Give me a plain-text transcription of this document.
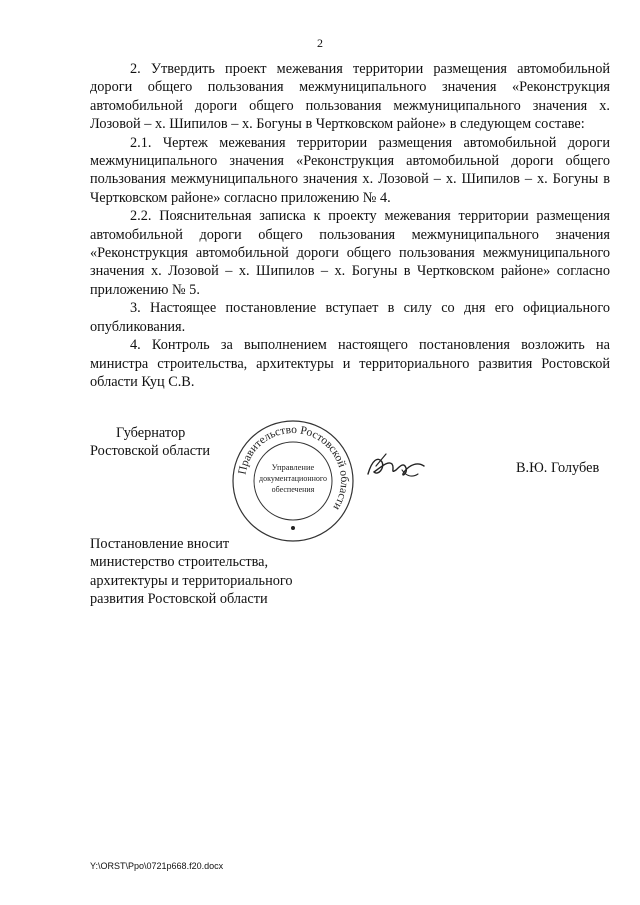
2

2. Утвердить проект межевания территории размещения автомобильной дороги общего пользования межмуниципального значения «Реконструкция автомобильной дороги общего пользования межмуниципального значения х. Лозовой – х. Шипилов – х. Богуны в Чертковском районе» в следующем составе:

2.1. Чертеж межевания территории размещения автомобильной дороги межмуниципального значения «Реконструкция автомобильной дороги общего пользования межмуниципального значения х. Лозовой – х. Шипилов – х. Богуны в Чертковском районе» согласно приложению № 4.

2.2. Пояснительная записка к проекту межевания территории размещения автомобильной дороги общего пользования межмуниципального значения «Реконструкция автомобильной дороги общего пользования межмуниципального значения х. Лозовой – х. Шипилов – х. Богуны в Чертковском районе» согласно приложению № 5.

3. Настоящее постановление вступает в силу со дня его официального опубликования.

4. Контроль за выполнением настоящего постановления возложить на министра строительства, архитектуры и территориального развития Ростовской области Куц С.В.

Губернатор
Ростовской области
Правительство Ростовской области
Управление
документационного
обеспечения
В.Ю. Голубев
Постановление вносит
министерство строительства,
архитектуры и территориального
развития Ростовской области
Y:\ORST\Ppo\0721p668.f20.docx
